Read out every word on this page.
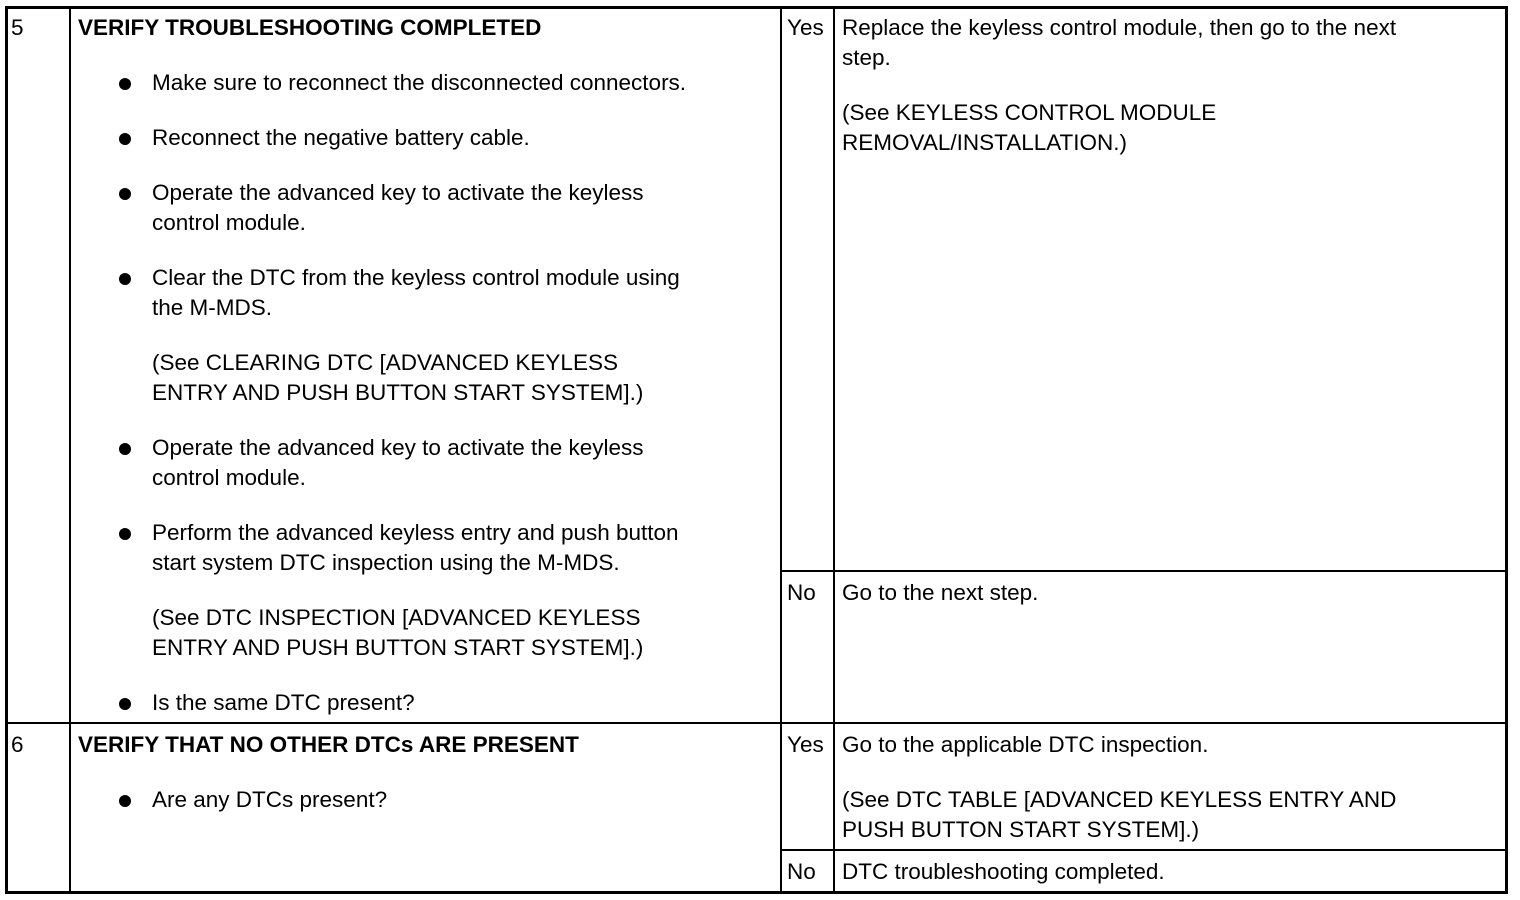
5 VERIFY TROUBLESHOOTING COMPLETED
Make sure to reconnect the disconnected connectors.
Reconnect the negative battery cable.
Operate the advanced key to activate the keyless
control module.
Clear the DTC from the keyless control module using
the M-MDS.
(See CLEARING DTC [ADVANCED KEYLESS
ENTRY AND PUSH BUTTON START SYSTEM].)
Operate the advanced key to activate the keyless
control module.
Perform the advanced keyless entry and push button
start system DTC inspection using the M-MDS.
(See DTC INSPECTION [ADVANCED KEYLESS
ENTRY AND PUSH BUTTON START SYSTEM].)
Is the same DTC present?
Yes Replace the keyless control module, then go to the next
step.
(See KEYLESS CONTROL MODULE
REMOVAL/INSTALLATION.)
No Go to the next step.
6 VERIFY THAT NO OTHER DTCs ARE PRESENT
Are any DTCs present?
Yes Go to the applicable DTC inspection.
(See DTC TABLE [ADVANCED KEYLESS ENTRY AND
PUSH BUTTON START SYSTEM].)
No DTC troubleshooting completed.
